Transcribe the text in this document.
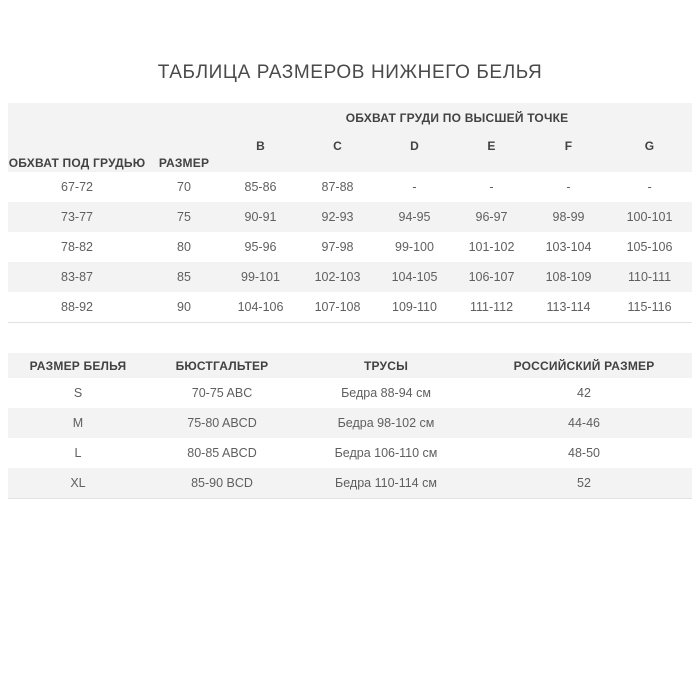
ТАБЛИЦА РАЗМЕРОВ НИЖНЕГО БЕЛЬЯ
ОБХВАТ ПОД ГРУДЬЮ	РАЗМЕР	ОБХВАТ ГРУДИ ПО ВЫСШЕЙ ТОЧКЕ					
		B	C	D	E	F	G
67-72	70	85-86	87-88	-	-	-	-
73-77	75	90-91	92-93	94-95	96-97	98-99	100-101
78-82	80	95-96	97-98	99-100	101-102	103-104	105-106
83-87	85	99-101	102-103	104-105	106-107	108-109	110-111
88-92	90	104-106	107-108	109-110	111-112	113-114	115-116
РАЗМЕР БЕЛЬЯ	БЮСТГАЛЬТЕР	ТРУСЫ	РОССИЙСКИЙ РАЗМЕР
S	70-75 ABC	Бедра 88-94 см	42
M	75-80 ABCD	Бедра 98-102 см	44-46
L	80-85 ABCD	Бедра 106-110 см	48-50
XL	85-90 BCD	Бедра 110-114 см	52
